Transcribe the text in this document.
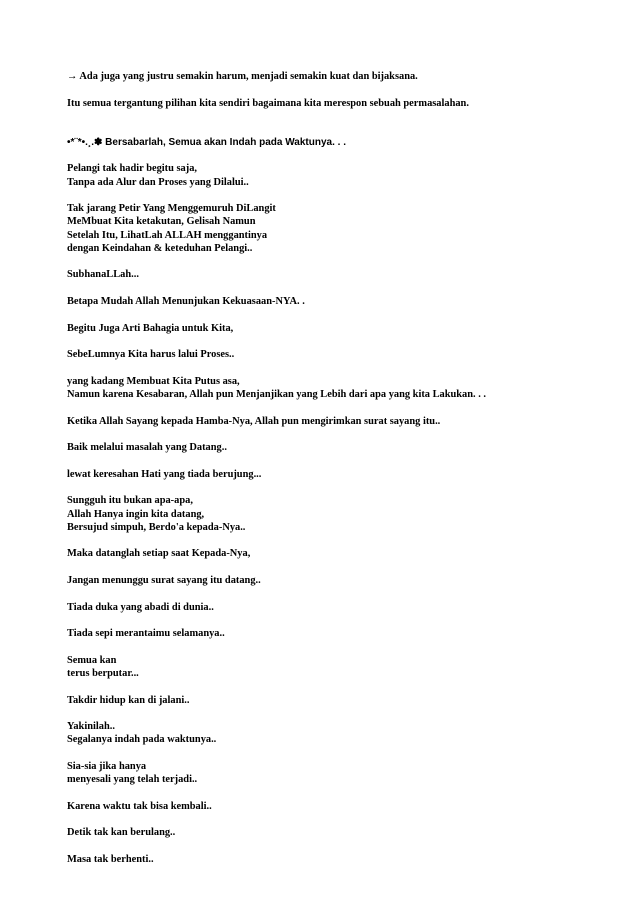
→ Ada juga yang justru semakin harum, menjadi semakin kuat dan bijaksana.

Itu semua tergantung pilihan kita sendiri bagaimana kita merespon sebuah permasalahan.

•*¨*•.¸.✽ Bersabarlah, Semua akan Indah pada Waktunya. . .

Pelangi tak hadir begitu saja,
Tanpa ada Alur dan Proses yang Dilalui..

Tak jarang Petir Yang Menggemuruh DiLangit
MeMbuat Kita ketakutan, Gelisah Namun
Setelah Itu, LihatLah ALLAH menggantinya
dengan Keindahan & keteduhan Pelangi..

SubhanaLLah...

Betapa Mudah Allah Menunjukan Kekuasaan-NYA. .

Begitu Juga Arti Bahagia untuk Kita,

SebeLumnya Kita harus lalui Proses..

yang kadang Membuat Kita Putus asa,
Namun karena Kesabaran, Allah pun Menjanjikan yang Lebih dari apa yang kita Lakukan. . .

Ketika Allah Sayang kepada Hamba-Nya, Allah pun mengirimkan surat sayang itu..

Baik melalui masalah yang Datang..

lewat keresahan Hati yang tiada berujung...

Sungguh itu bukan apa-apa,
Allah Hanya ingin kita datang,
Bersujud simpuh, Berdo'a kepada-Nya..

Maka datanglah setiap saat Kepada-Nya,

Jangan menunggu surat sayang itu datang..

Tiada duka yang abadi di dunia..

Tiada sepi merantaimu selamanya..

Semua kan
terus berputar...

Takdir hidup kan di jalani..

Yakinilah..
Segalanya indah pada waktunya..

Sia-sia jika hanya
menyesali yang telah terjadi..

Karena waktu tak bisa kembali..

Detik tak kan berulang..

Masa tak berhenti..
